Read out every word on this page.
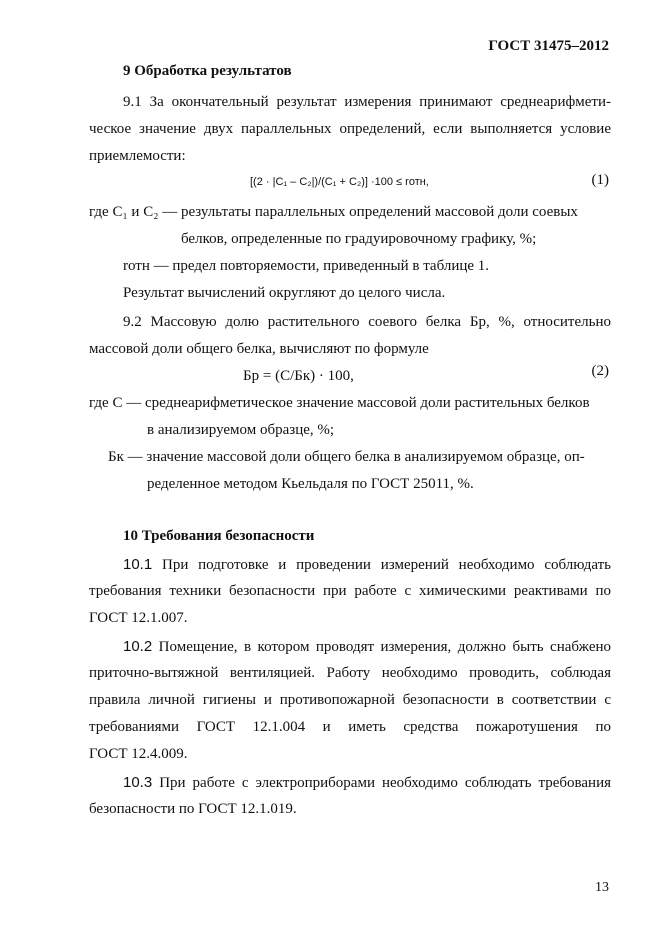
ГОСТ 31475–2012
9 Обработка результатов
9.1 За окончательный результат измерения принимают среднеарифмети-
ческое значение двух параллельных определений, если выполняется условие
приемлемости:
[(2 · |C₁ – C₂|)/(C₁ + C₂)] ·100 ≤ rотн,	(1)
где C₁ и C₂ — результаты параллельных определений массовой доли соевых
белков, определенные по градуировочному графику, %;
rотн — предел повторяемости, приведенный в таблице 1.
Результат вычислений округляют до целого числа.
9.2 Массовую долю растительного соевого белка Бр, %, относительно
массовой доли общего белка, вычисляют по формуле
Бр = (C/Бк) · 100,	(2)
где C — среднеарифметическое значение массовой доли растительных белков
в анализируемом образце, %;
Бк — значение массовой доли общего белка в анализируемом образце, оп-
ределенное методом Кьельдаля по ГОСТ 25011, %.
10 Требования безопасности
10.1 При подготовке и проведении измерений необходимо соблюдать
требования техники безопасности при работе с химическими реактивами по
ГОСТ 12.1.007.
10.2 Помещение, в котором проводят измерения, должно быть снабжено
приточно-вытяжной вентиляцией. Работу необходимо проводить, соблюдая
правила личной гигиены и противопожарной безопасности в соответствии с
требованиями ГОСТ 12.1.004 и иметь средства пожаротушения по
ГОСТ 12.4.009.
10.3 При работе с электроприборами необходимо соблюдать требования
безопасности по ГОСТ 12.1.019.
13
